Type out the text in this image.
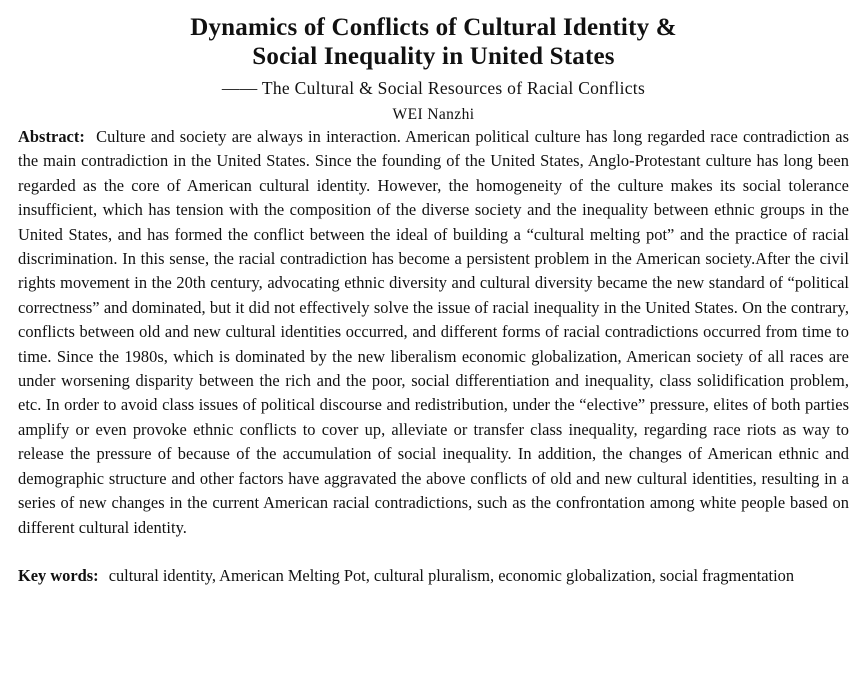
Dynamics of Conflicts of Cultural Identity &
Social Inequality in United States
—— The Cultural & Social Resources of Racial Conflicts
WEI Nanzhi

Abstract: Culture and society are always in interaction. American political culture has long regarded race contradiction as the main contradiction in the United States. Since the founding of the United States, Anglo-Protestant culture has long been regarded as the core of American cultural identity. However, the homogeneity of the culture makes its social tolerance insufficient, which has tension with the composition of the diverse society and the inequality between ethnic groups in the United States, and has formed the conflict between the ideal of building a “cultural melting pot” and the practice of racial discrimination. In this sense, the racial contradiction has become a persistent problem in the American society.After the civil rights movement in the 20th century, advocating ethnic diversity and cultural diversity became the new standard of “political correctness” and dominated, but it did not effectively solve the issue of racial inequality in the United States. On the contrary, conflicts between old and new cultural identities occurred, and different forms of racial contradictions occurred from time to time. Since the 1980s, which is dominated by the new liberalism economic globalization, American society of all races are under worsening disparity between the rich and the poor, social differentiation and inequality, class solidification problem, etc. In order to avoid class issues of political discourse and redistribution, under the “elective” pressure, elites of both parties amplify or even provoke ethnic conflicts to cover up, alleviate or transfer class inequality, regarding race riots as way to release the pressure of because of the accumulation of social inequality. In addition, the changes of American ethnic and demographic structure and other factors have aggravated the above conflicts of old and new cultural identities, resulting in a series of new changes in the current American racial contradictions, such as the confrontation among white people based on different cultural identity.

Key words: cultural identity, American Melting Pot, cultural pluralism, economic globalization, social fragmentation
